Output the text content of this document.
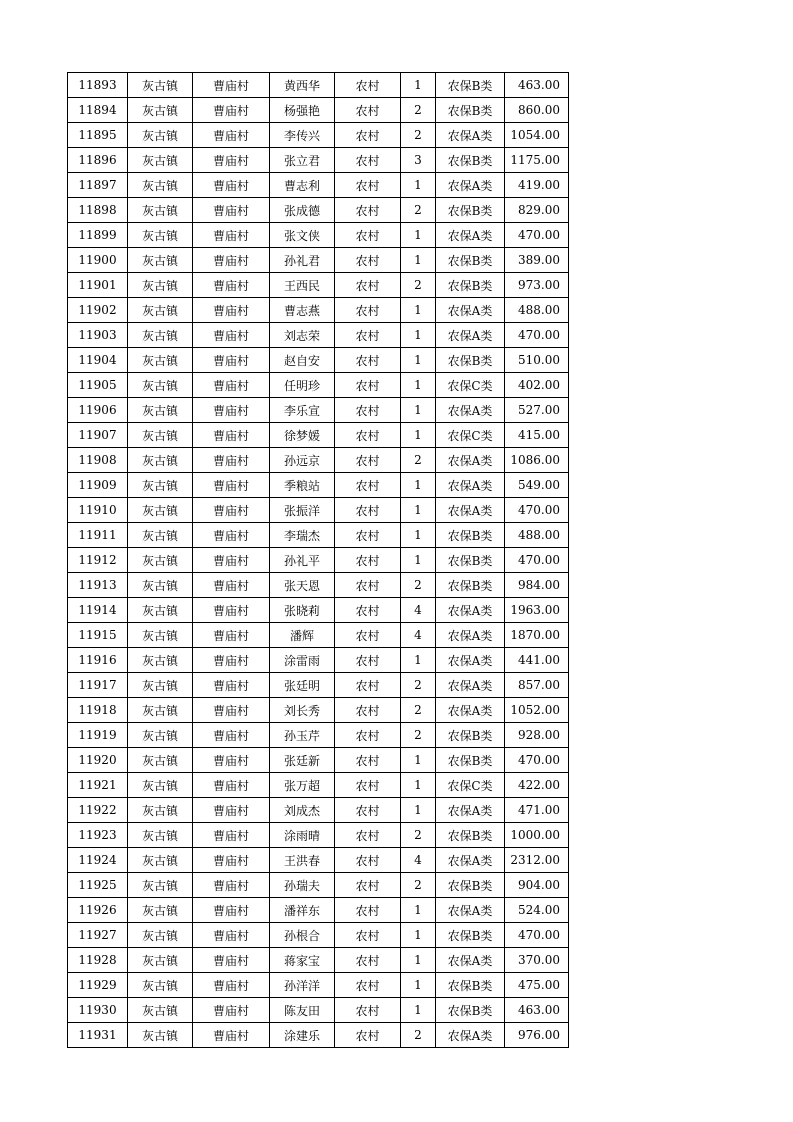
11893	灰古镇	曹庙村	黄西华	农村	1	农保B类	463.00
11894	灰古镇	曹庙村	杨强艳	农村	2	农保B类	860.00
11895	灰古镇	曹庙村	李传兴	农村	2	农保A类	1054.00
11896	灰古镇	曹庙村	张立君	农村	3	农保B类	1175.00
11897	灰古镇	曹庙村	曹志利	农村	1	农保A类	419.00
11898	灰古镇	曹庙村	张成德	农村	2	农保B类	829.00
11899	灰古镇	曹庙村	张文侠	农村	1	农保A类	470.00
11900	灰古镇	曹庙村	孙礼君	农村	1	农保B类	389.00
11901	灰古镇	曹庙村	王西民	农村	2	农保B类	973.00
11902	灰古镇	曹庙村	曹志燕	农村	1	农保A类	488.00
11903	灰古镇	曹庙村	刘志荣	农村	1	农保A类	470.00
11904	灰古镇	曹庙村	赵自安	农村	1	农保B类	510.00
11905	灰古镇	曹庙村	任明珍	农村	1	农保C类	402.00
11906	灰古镇	曹庙村	李乐宣	农村	1	农保A类	527.00
11907	灰古镇	曹庙村	徐梦媛	农村	1	农保C类	415.00
11908	灰古镇	曹庙村	孙远京	农村	2	农保A类	1086.00
11909	灰古镇	曹庙村	季粮站	农村	1	农保A类	549.00
11910	灰古镇	曹庙村	张振洋	农村	1	农保A类	470.00
11911	灰古镇	曹庙村	李瑞杰	农村	1	农保B类	488.00
11912	灰古镇	曹庙村	孙礼平	农村	1	农保B类	470.00
11913	灰古镇	曹庙村	张天恩	农村	2	农保B类	984.00
11914	灰古镇	曹庙村	张晓莉	农村	4	农保A类	1963.00
11915	灰古镇	曹庙村	潘辉	农村	4	农保A类	1870.00
11916	灰古镇	曹庙村	涂雷雨	农村	1	农保A类	441.00
11917	灰古镇	曹庙村	张廷明	农村	2	农保A类	857.00
11918	灰古镇	曹庙村	刘长秀	农村	2	农保A类	1052.00
11919	灰古镇	曹庙村	孙玉芹	农村	2	农保B类	928.00
11920	灰古镇	曹庙村	张廷新	农村	1	农保B类	470.00
11921	灰古镇	曹庙村	张万超	农村	1	农保C类	422.00
11922	灰古镇	曹庙村	刘成杰	农村	1	农保A类	471.00
11923	灰古镇	曹庙村	涂雨晴	农村	2	农保B类	1000.00
11924	灰古镇	曹庙村	王洪春	农村	4	农保A类	2312.00
11925	灰古镇	曹庙村	孙瑞夫	农村	2	农保B类	904.00
11926	灰古镇	曹庙村	潘祥东	农村	1	农保A类	524.00
11927	灰古镇	曹庙村	孙根合	农村	1	农保B类	470.00
11928	灰古镇	曹庙村	蒋家宝	农村	1	农保A类	370.00
11929	灰古镇	曹庙村	孙洋洋	农村	1	农保B类	475.00
11930	灰古镇	曹庙村	陈友田	农村	1	农保B类	463.00
11931	灰古镇	曹庙村	涂建乐	农村	2	农保A类	976.00
